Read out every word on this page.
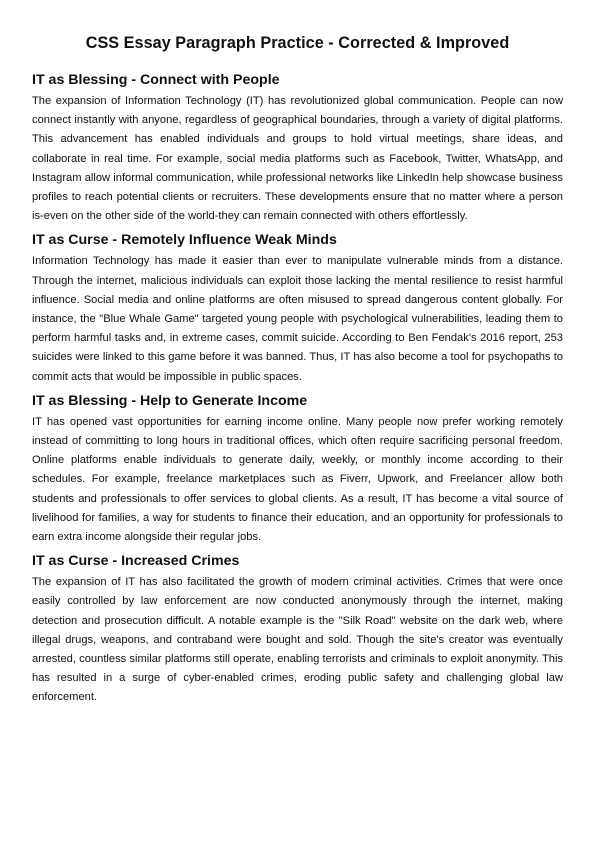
CSS Essay Paragraph Practice - Corrected & Improved
IT as Blessing - Connect with People

The expansion of Information Technology (IT) has revolutionized global communication. People can now connect instantly with anyone, regardless of geographical boundaries, through a variety of digital platforms. This advancement has enabled individuals and groups to hold virtual meetings, share ideas, and collaborate in real time. For example, social media platforms such as Facebook, Twitter, WhatsApp, and Instagram allow informal communication, while professional networks like LinkedIn help showcase business profiles to reach potential clients or recruiters. These developments ensure that no matter where a person is-even on the other side of the world-they can remain connected with others effortlessly.

IT as Curse - Remotely Influence Weak Minds

Information Technology has made it easier than ever to manipulate vulnerable minds from a distance. Through the internet, malicious individuals can exploit those lacking the mental resilience to resist harmful influence. Social media and online platforms are often misused to spread dangerous content globally. For instance, the "Blue Whale Game" targeted young people with psychological vulnerabilities, leading them to perform harmful tasks and, in extreme cases, commit suicide. According to Ben Fendak's 2016 report, 253 suicides were linked to this game before it was banned. Thus, IT has also become a tool for psychopaths to commit acts that would be impossible in public spaces.

IT as Blessing - Help to Generate Income

IT has opened vast opportunities for earning income online. Many people now prefer working remotely instead of committing to long hours in traditional offices, which often require sacrificing personal freedom. Online platforms enable individuals to generate daily, weekly, or monthly income according to their schedules. For example, freelance marketplaces such as Fiverr, Upwork, and Freelancer allow both students and professionals to offer services to global clients. As a result, IT has become a vital source of livelihood for families, a way for students to finance their education, and an opportunity for professionals to earn extra income alongside their regular jobs.

IT as Curse - Increased Crimes

The expansion of IT has also facilitated the growth of modern criminal activities. Crimes that were once easily controlled by law enforcement are now conducted anonymously through the internet, making detection and prosecution difficult. A notable example is the "Silk Road" website on the dark web, where illegal drugs, weapons, and contraband were bought and sold. Though the site's creator was eventually arrested, countless similar platforms still operate, enabling terrorists and criminals to exploit anonymity. This has resulted in a surge of cyber-enabled crimes, eroding public safety and challenging global law enforcement.
